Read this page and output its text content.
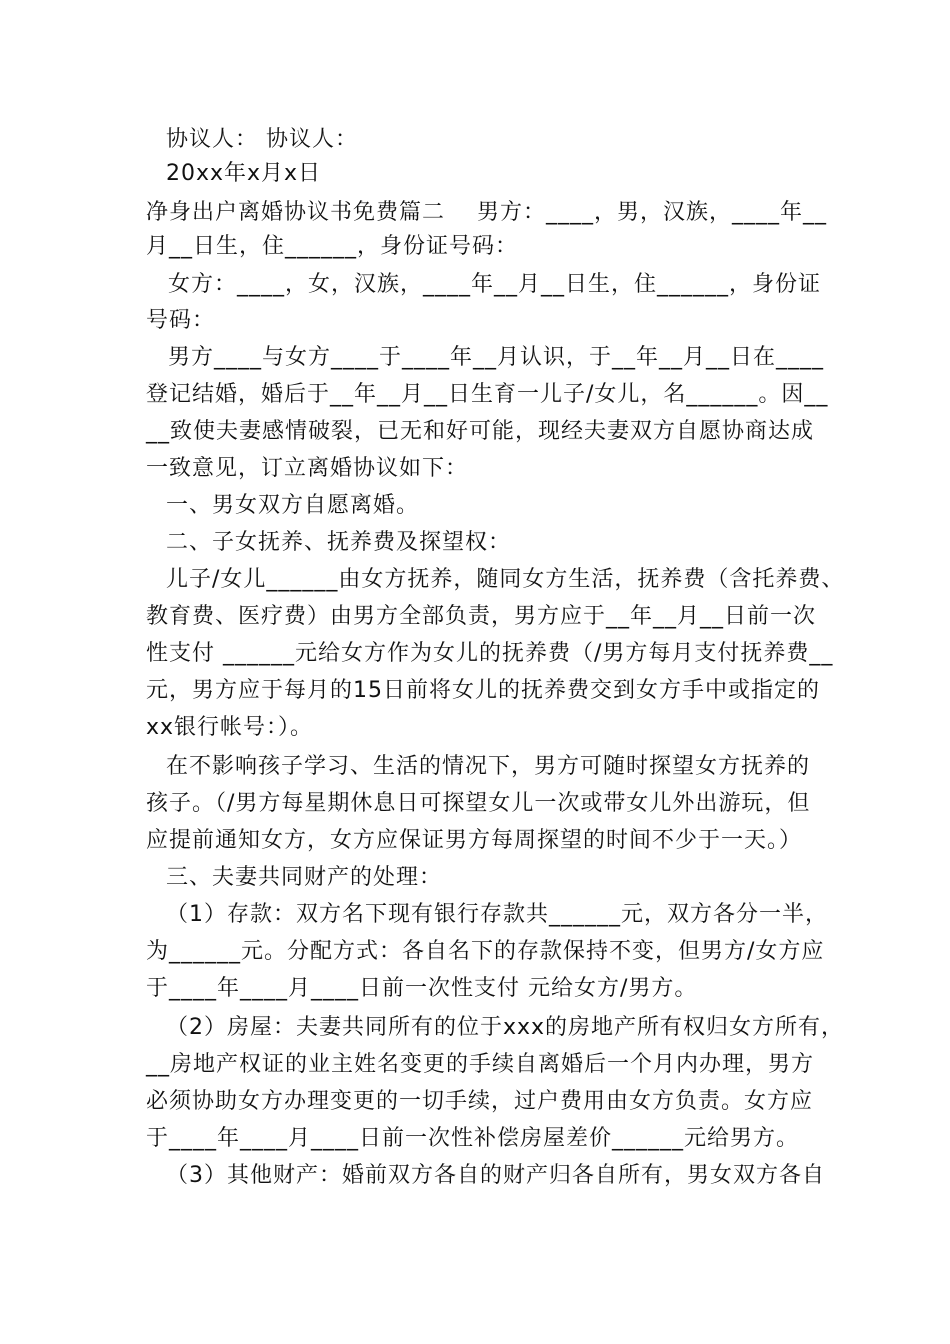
协议人： 协议人：
20xx年x月x日
净身出户离婚协议书免费篇二    男方：____，男，汉族，____年__
月__日生，住______，身份证号码：
女方：____，女，汉族，____年__月__日生，住______，身份证
号码：
男方____与女方____于____年__月认识，于__年__月__日在____
登记结婚，婚后于__年__月__日生育一儿子/女儿，名______。因__
__致使夫妻感情破裂，已无和好可能，现经夫妻双方自愿协商达成
一致意见，订立离婚协议如下：
一、男女双方自愿离婚。
二、子女抚养、抚养费及探望权：
儿子/女儿______由女方抚养，随同女方生活，抚养费（含托养费、
教育费、医疗费）由男方全部负责，男方应于__年__月__日前一次
性支付 ______元给女方作为女儿的抚养费（/男方每月支付抚养费__
元，男方应于每月的15日前将女儿的抚养费交到女方手中或指定的
xx银行帐号：）。
在不影响孩子学习、生活的情况下，男方可随时探望女方抚养的
孩子。（/男方每星期休息日可探望女儿一次或带女儿外出游玩，但
应提前通知女方，女方应保证男方每周探望的时间不少于一天。）
三、夫妻共同财产的处理：
（1）存款：双方名下现有银行存款共______元，双方各分一半，
为______元。分配方式：各自名下的存款保持不变，但男方/女方应
于____年____月____日前一次性支付 元给女方/男方。
（2）房屋：夫妻共同所有的位于xxx的房地产所有权归女方所有，
__房地产权证的业主姓名变更的手续自离婚后一个月内办理，男方
必须协助女方办理变更的一切手续，过户费用由女方负责。女方应
于____年____月____日前一次性补偿房屋差价______元给男方。
（3）其他财产：婚前双方各自的财产归各自所有，男女双方各自
